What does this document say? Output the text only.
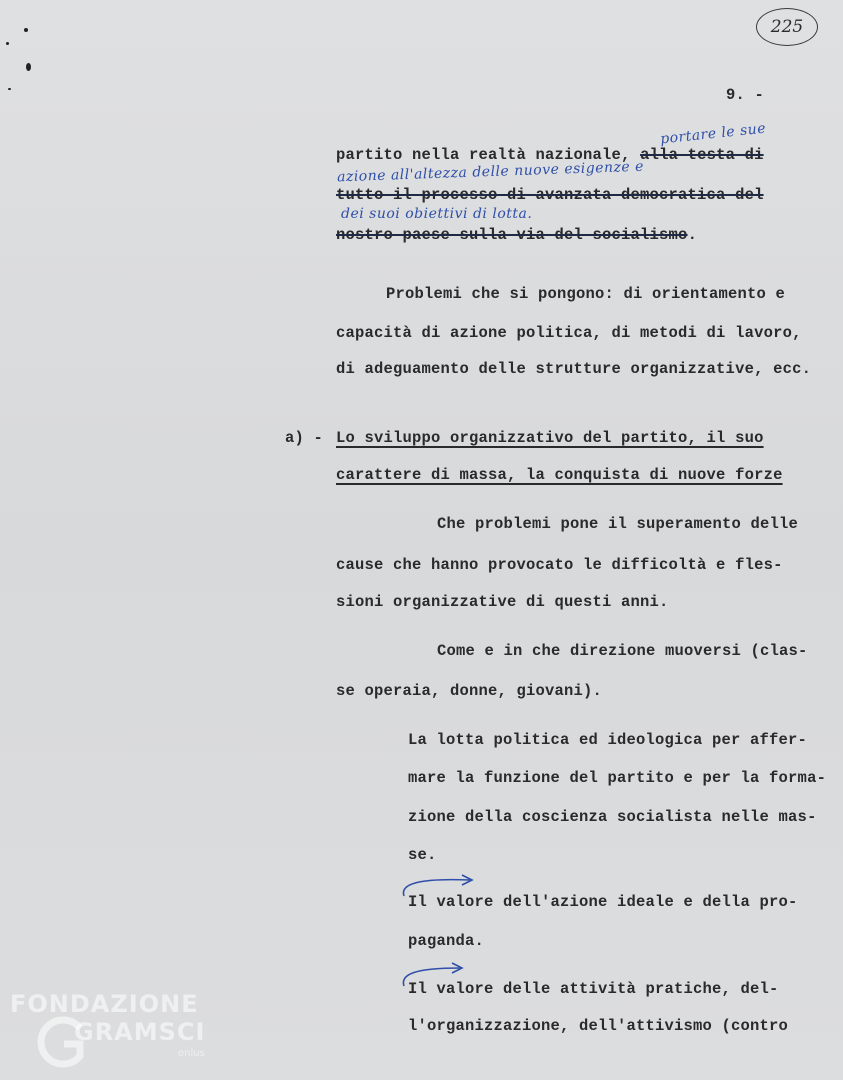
225
9. -
portare le sue
partito nella realtà nazionale, alla testa di
azione all'altezza delle nuove esigenze e
tutto il processo di avanzata democratica del
dei suoi obiettivi di lotta.
nostro paese sulla via del socialismo.
Problemi che si pongono: di orientamento e
capacità di azione politica, di metodi di lavoro,
di adeguamento delle strutture organizzative, ecc.
a) - Lo sviluppo organizzativo del partito, il suo
carattere di massa, la conquista di nuove forze
Che problemi pone il superamento delle
cause che hanno provocato le difficoltà e fles-
sioni organizzative di questi anni.
Come e in che direzione muoversi (clas-
se operaia, donne, giovani).
La lotta politica ed ideologica per affer-
mare la funzione del partito e per la forma-
zione della coscienza socialista nelle mas-
se.
Il valore dell'azione ideale e della pro-
paganda.
Il valore delle attività pratiche, del-
l'organizzazione, dell'attivismo (contro
FONDAZIONE
GRAMSCI
onlus
